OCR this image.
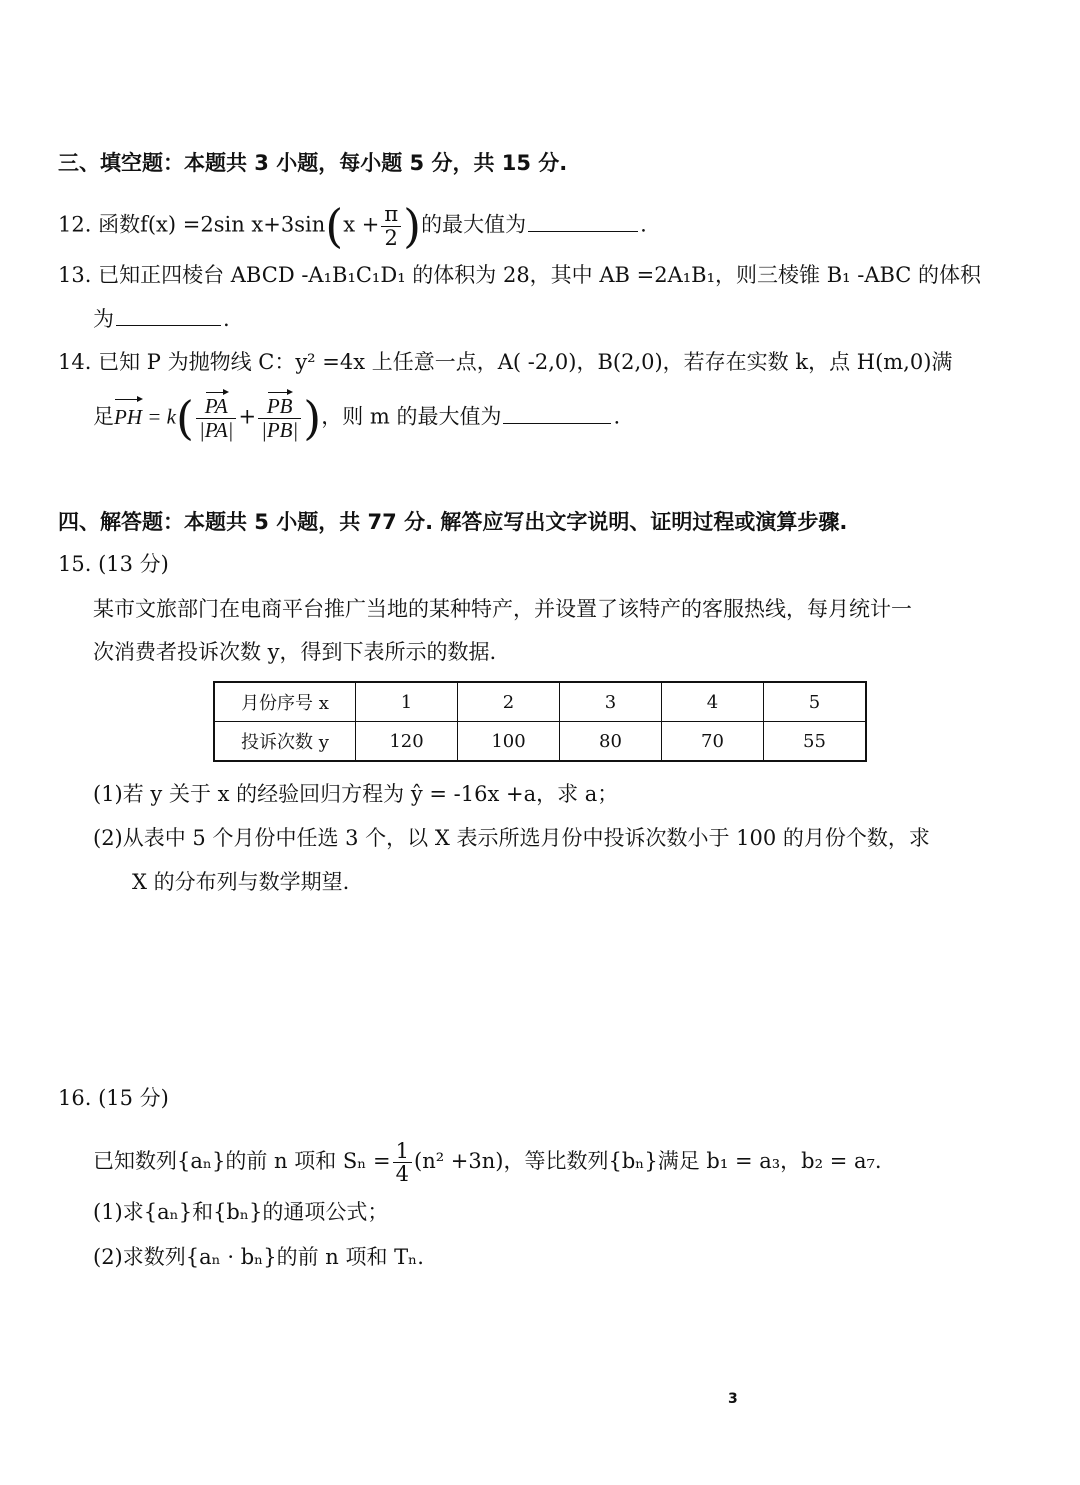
三、填空题：本题共 3 小题，每小题 5 分，共 15 分.
12. 函数f(x) =2sin $x+3\sin(x + \frac{\pi}{2}$ )的最大值为	.
13. 已知正四棱台 ABCD -A₁B₁C₁D₁ 的体积为 28，其中 AB =2A₁B₁，则三棱锥 B₁ -ABC 的体积
为	.
14. 已知 P 为抛物线 C：y² =4x 上任意一点，A( -2,0)，B(2,0)，若存在实数 k，点 H(m,0)满
足PH = $k( \frac{PA}{|PA|} + \frac{PB}{|PB|}$ )，则 m 的最大值为	.
四、解答题：本题共 5 小题，共 77 分. 解答应写出文字说明、证明过程或演算步骤.
15. (13 分)
某市文旅部门在电商平台推广当地的某种特产，并设置了该特产的客服热线，每月统计一
次消费者投诉次数 y，得到下表所示的数据.
月份序号 x	1	2	3	4	5
投诉次数 y	120	100	80	70	55
(1)若 y 关于 x 的经验回归方程为 ŷ = -16x +a，求 a；
(2)从表中 5 个月份中任选 3 个，以 X 表示所选月份中投诉次数小于 100 的月份个数，求
X 的分布列与数学期望.
16. (15 分)
已知数列{aₙ}的前 n 项和 $S_n = \frac{1}{4} (n^2 +3n)$，等比数列{bₙ}满足 b₁ = a₃，b₂ = a₇.
(1)求{aₙ}和{bₙ}的通项公式；
(2)求数列{aₙ · bₙ}的前 n 项和 Tₙ.
3
